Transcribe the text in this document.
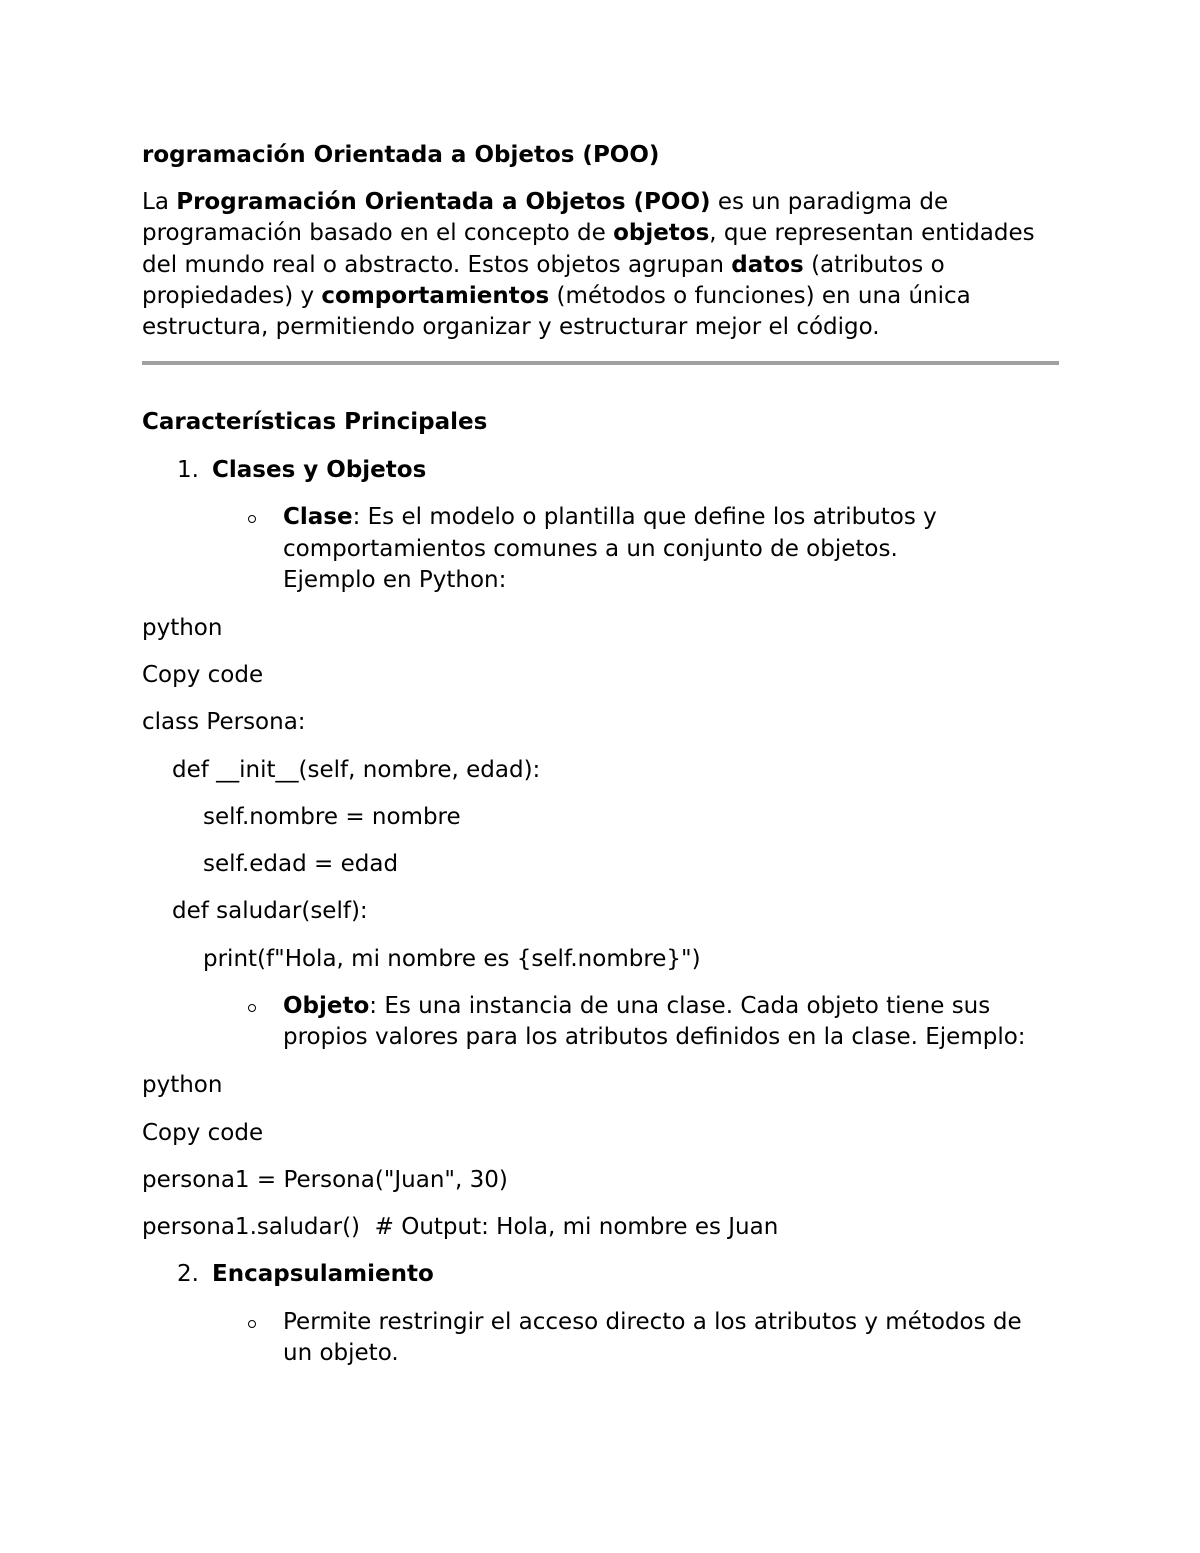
rogramación Orientada a Objetos (POO)

La Programación Orientada a Objetos (POO) es un paradigma de

programación basado en el concepto de objetos, que representan entidades

del mundo real o abstracto. Estos objetos agrupan datos (atributos o

propiedades) y comportamientos (métodos o funciones) en una única

estructura, permitiendo organizar y estructurar mejor el código.

Características Principales

1. Clases y Objetos

Clase: Es el modelo o plantilla que define los atributos y

comportamientos comunes a un conjunto de objetos.

Ejemplo en Python:

python

Copy code

class Persona:

def __init__(self, nombre, edad):

self.nombre = nombre

self.edad = edad

def saludar(self):

print(f"Hola, mi nombre es {self.nombre}")

Objeto: Es una instancia de una clase. Cada objeto tiene sus

propios valores para los atributos definidos en la clase. Ejemplo:

python

Copy code

persona1 = Persona("Juan", 30)

persona1.saludar()  # Output: Hola, mi nombre es Juan

2. Encapsulamiento

Permite restringir el acceso directo a los atributos y métodos de

un objeto.
